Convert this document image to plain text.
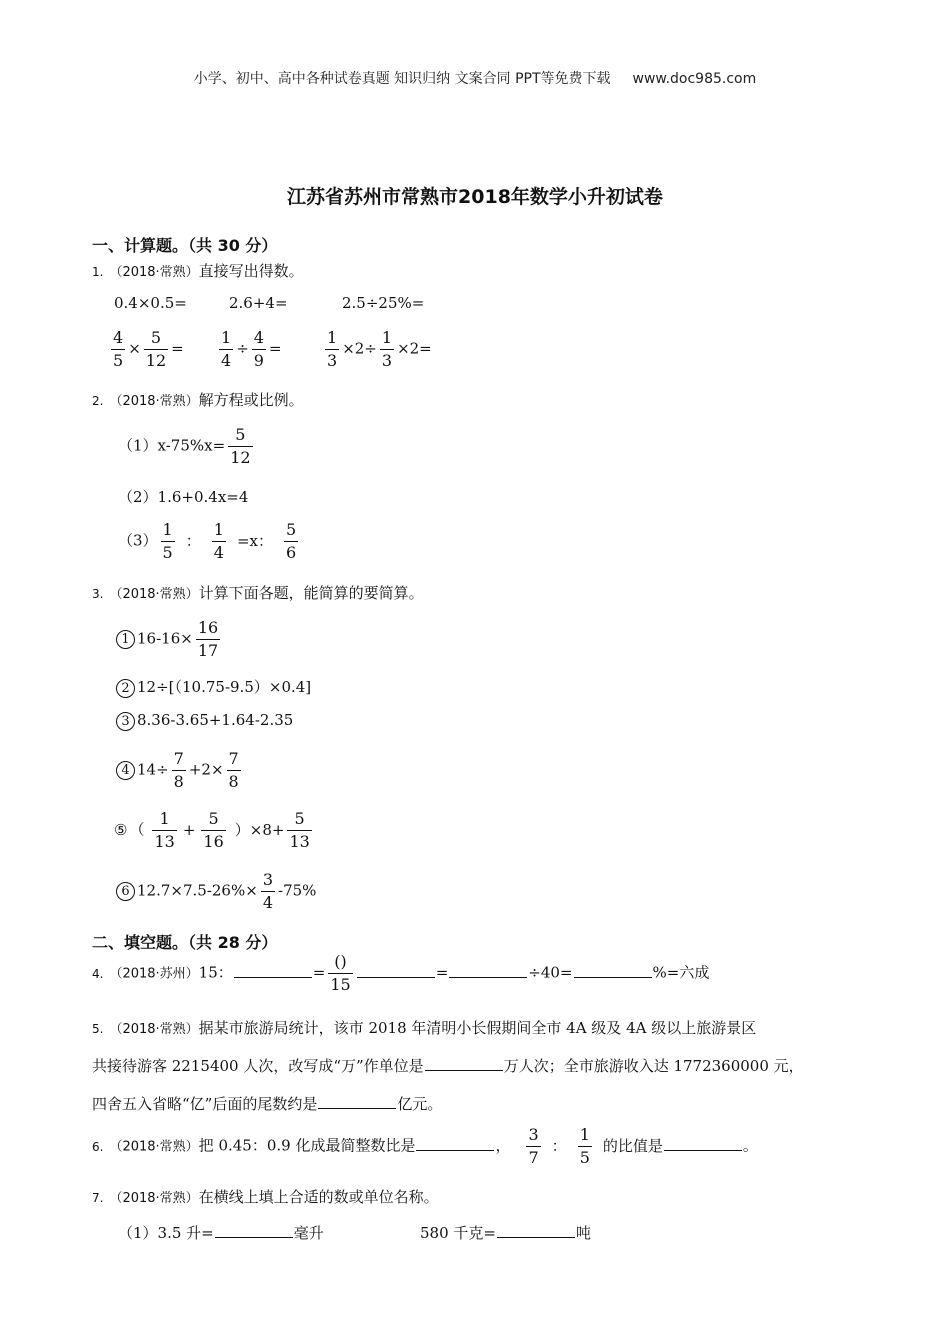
小学、初中、高中各种试卷真题 知识归纳 文案合同 PPT等免费下载 www.doc985.com
江苏省苏州市常熟市2018年数学小升初试卷
一、计算题。（共 30 分）
1. （2018·常熟）直接写出得数。
0.4×0.5=	2.6+4=	2.5÷25%=
$\frac{4}{5} \times \frac{5}{12} = \frac{1}{4} \div \frac{4}{9}$ =	$\frac{1}{3} \times 2\div \frac{1}{3} \times 2=$
2. （2018·常熟）解方程或比例。
$(1)x-75\%x= \frac{5}{12}$
（2）1.6+0.4x=4
$(3) \frac{1}{5}$ ： $\frac{1}{4} =x$： $\frac{5}{6}$
3. （2018·常熟）计算下面各题，能简算的要简算。
1 $16-16\times \frac{16}{17}$
2 12÷[（10.75-9.5）×0.4]
3 8.36-3.65+1.64-2.35
4 $14\div \frac{7}{8} +2\times \frac{7}{8}$
⑤ （ $\frac{1}{13} + \frac{5}{16} )\times 8+ \frac{5}{13}$
6 $12.7\times 7.5-26\%\times \frac{3}{4} -75\%$
二、填空题。（共 28 分）
4. （2018·苏州）15：	=
()
15
=	÷40=	%=六成
5. （2018·常熟）据某市旅游局统计，该市 2018 年清明小长假期间全市 4A 级及 4A 级以上旅游景区
共接待游客 2215400 人次，改写成“万”作单位是	万人次；全市旅游收入达 1772360000 元，
四舍五入省略“亿”后面的尾数约是	亿元。
6. （2018·常熟）把 0.45：0.9 化成最简整数比是	， $\frac{3}{7}$ ： $\frac{1}{5}$ 的比值是	。
7. （2018·常熟）在横线上填上合适的数或单位名称。
（1）3.5 升=	毫升	580 千克=	吨
